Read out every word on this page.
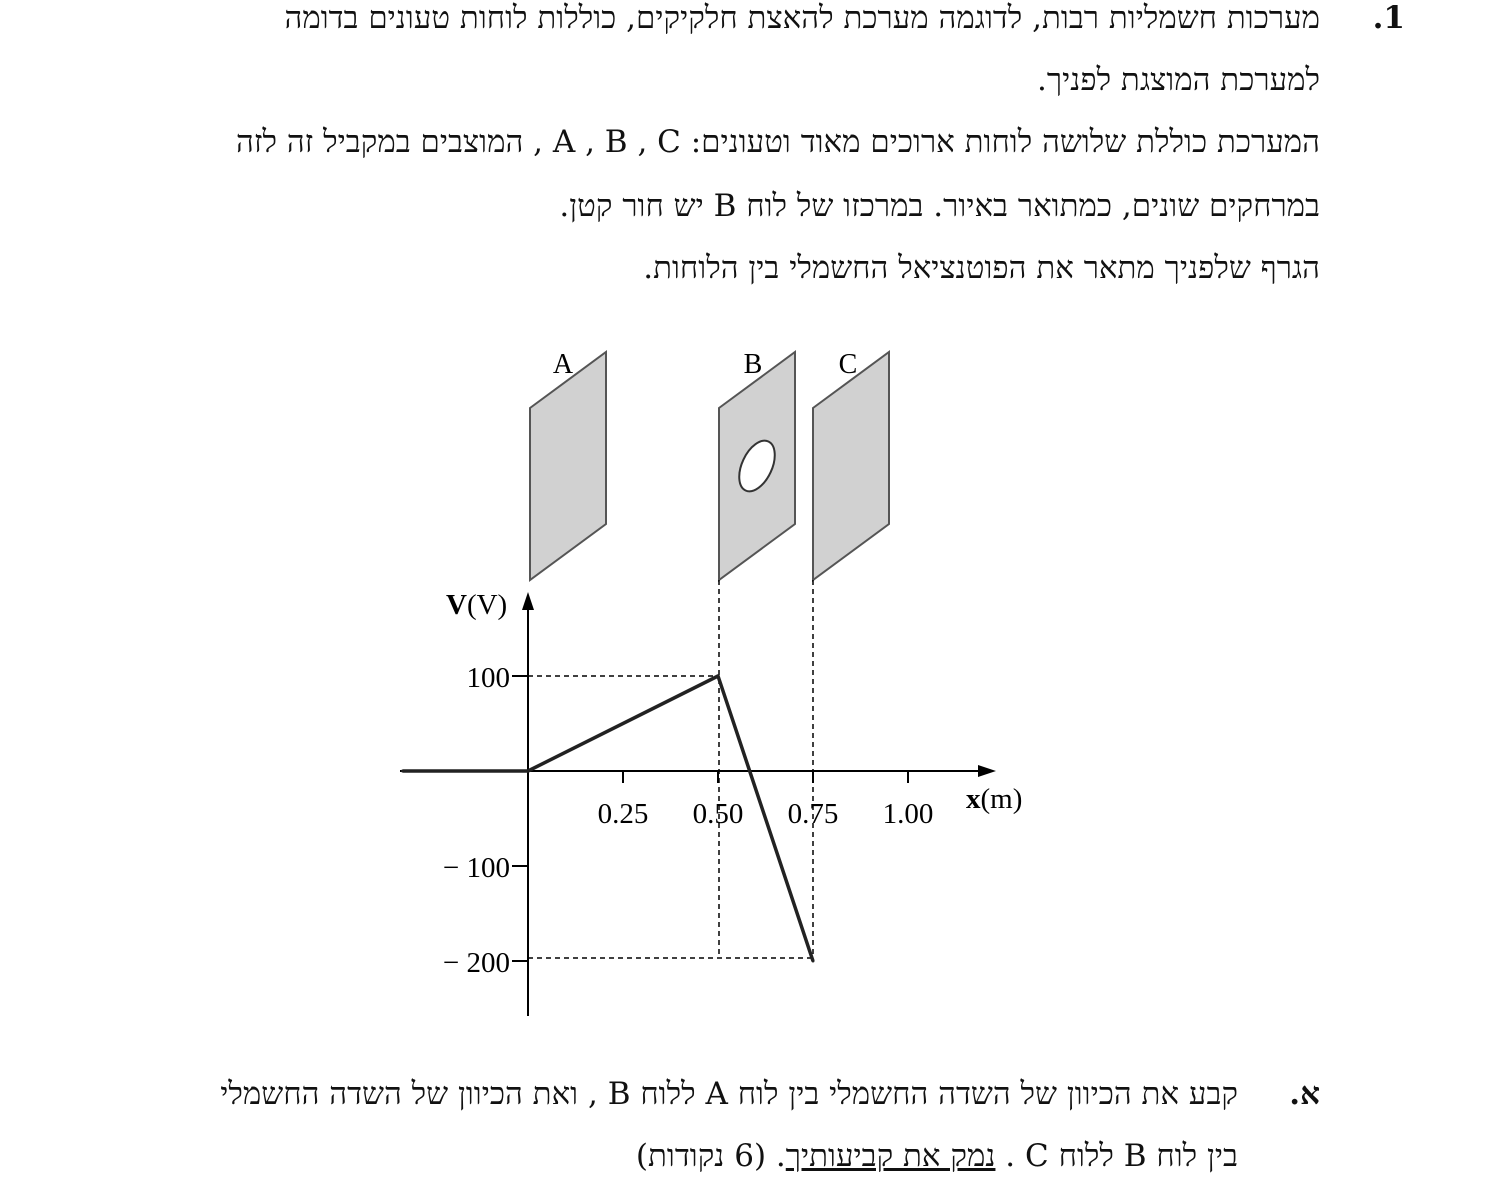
.1
מערכות חשמליות רבות, לדוגמה מערכת להאצת חלקיקים, כוללות לוחות טעונים בדומה
למערכת המוצגת לפניך.
המערכת כוללת שלושה לוחות ארוכים מאוד וטעונים: A , B , C , המוצבים במקביל זה לזה
במרחקים שונים, כמתואר באיור. במרכזו של לוח B יש חור קטן.
הגרף שלפניך מתאר את הפוטנציאל החשמלי בין הלוחות.
A	B	C
V(V)
x(m)
0.25 0.50 0.75 1.00
100
− 100
− 200
.א
קבע את הכיוון של השדה החשמלי בין לוח A ללוח B , ואת הכיוון של השדה החשמלי
בין לוח B ללוח C . נמק את קביעותיך. (6 נקודות)
